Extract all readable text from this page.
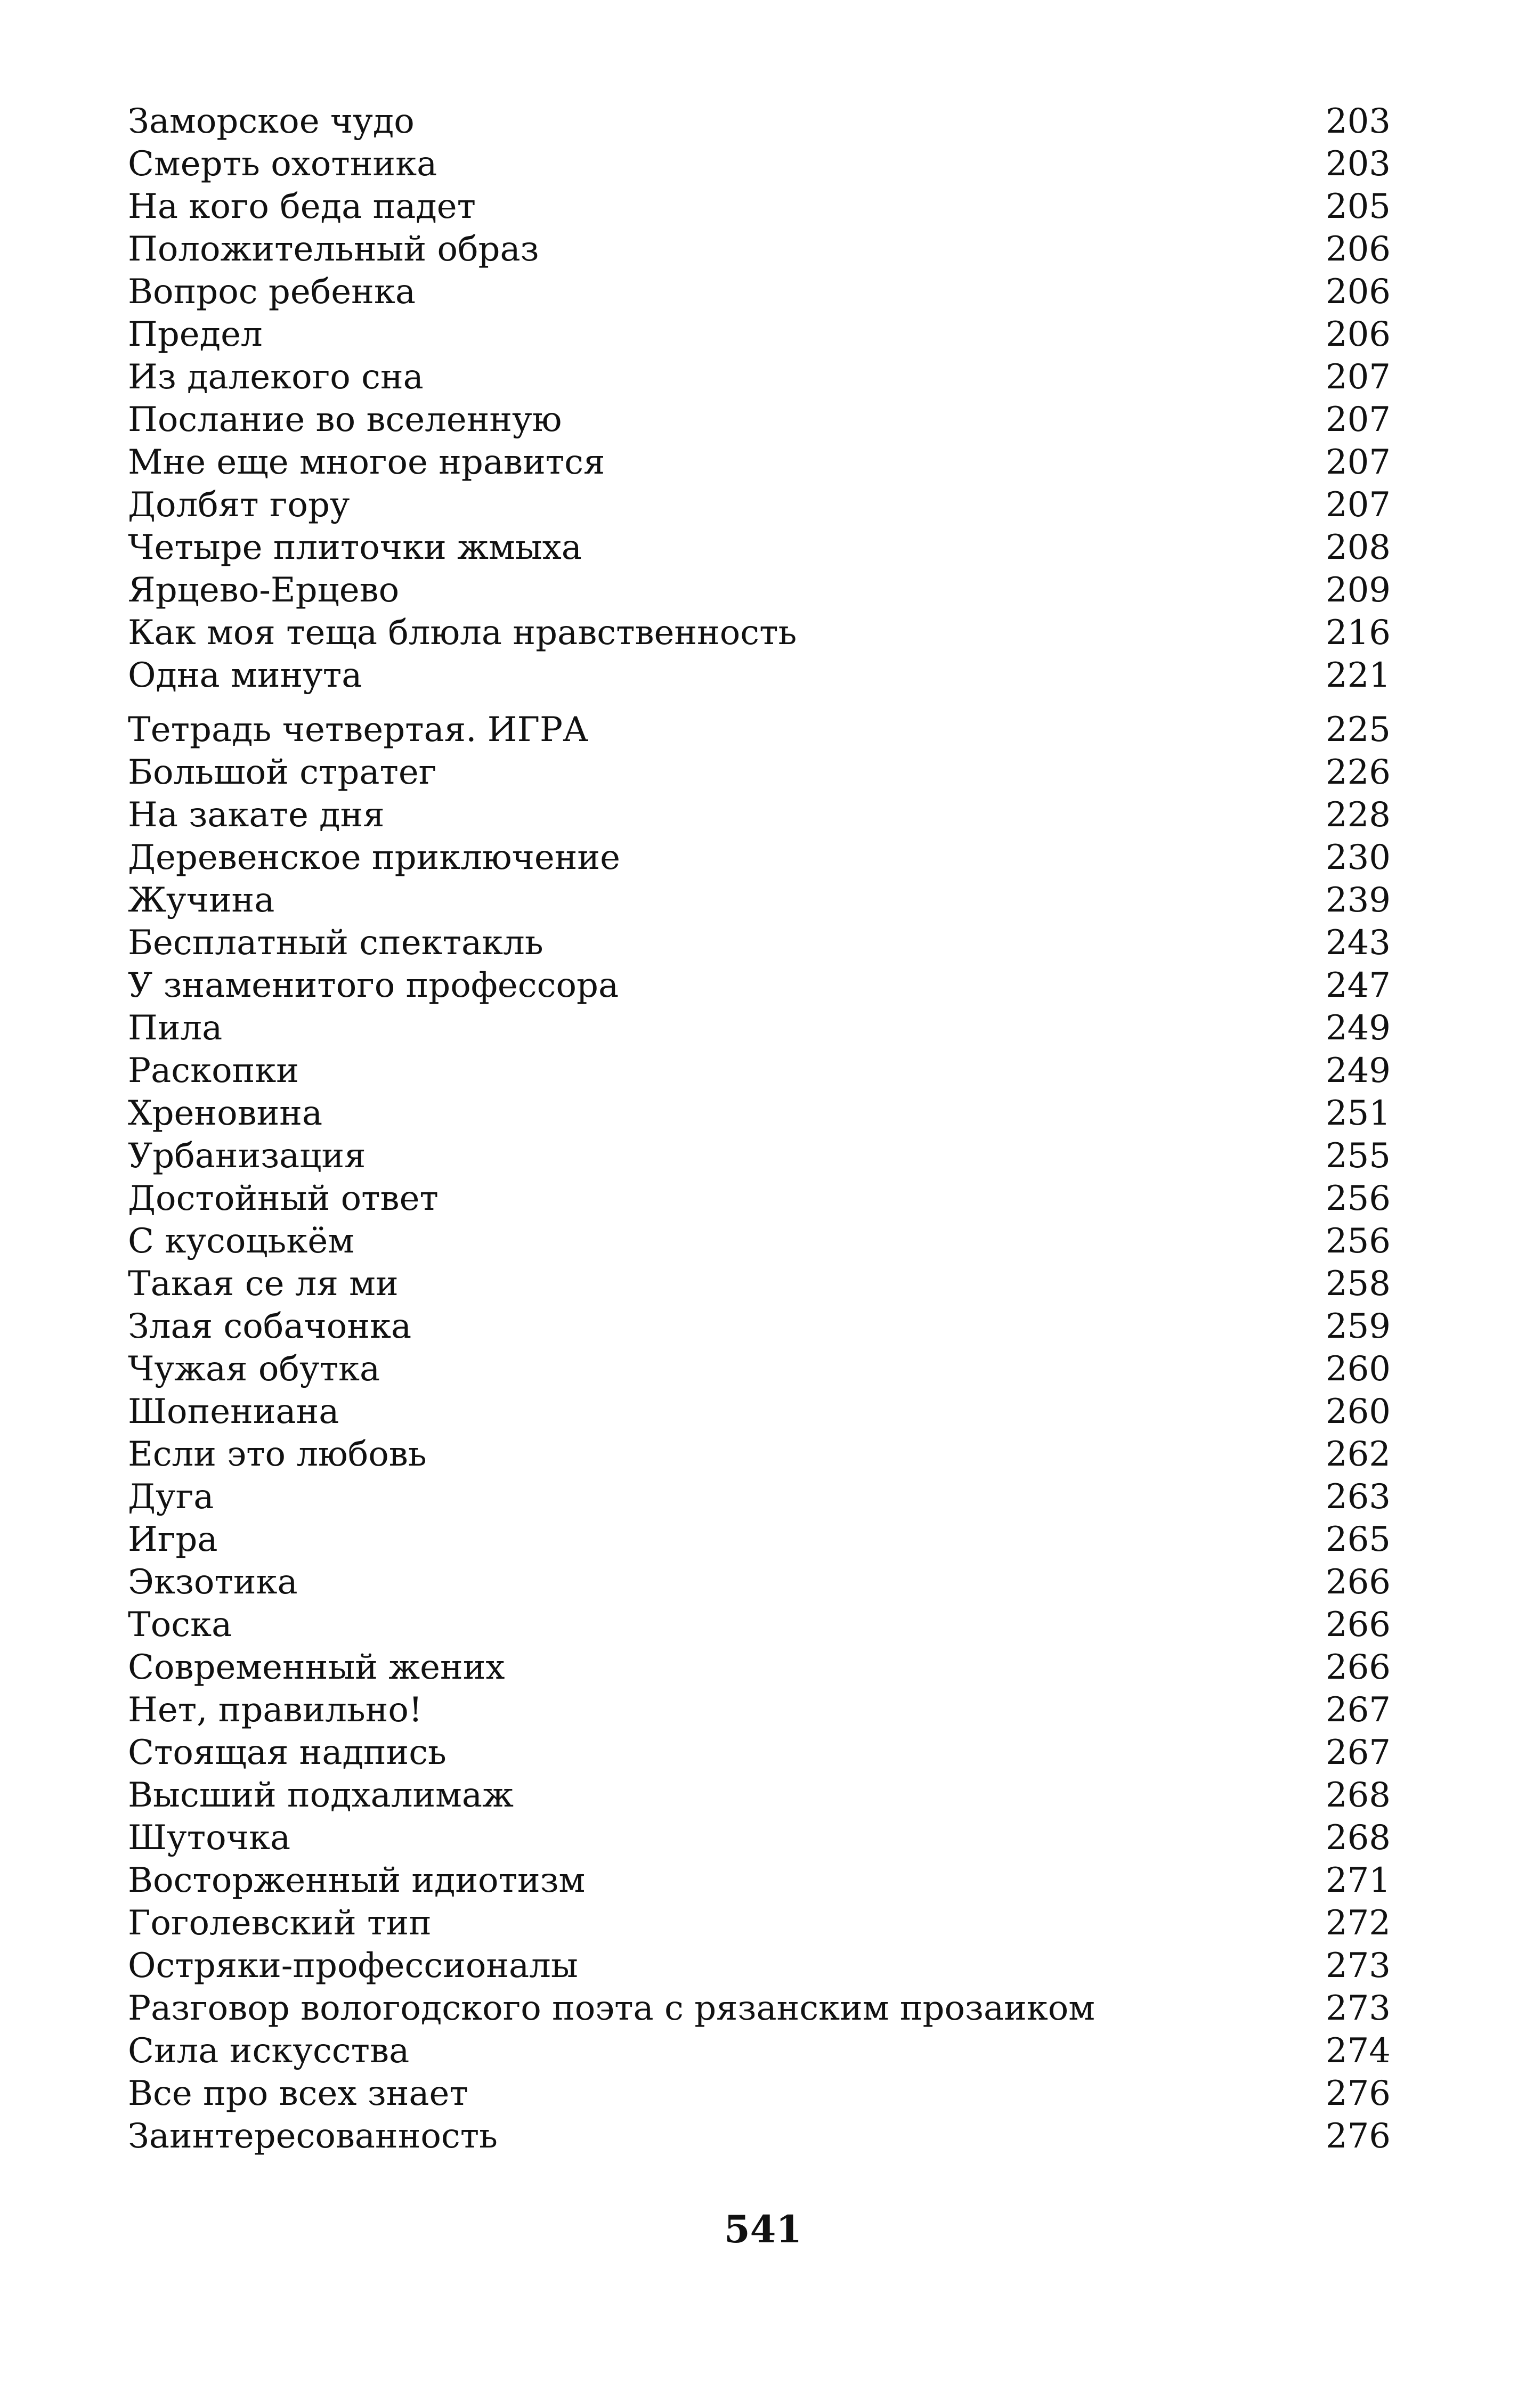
Заморское чудо	203
Смерть охотника	203
На кого беда падет	205
Положительный образ	206
Вопрос ребенка	206
Предел	206
Из далекого сна	207
Послание во вселенную	207
Мне еще многое нравится	207
Долбят гору	207
Четыре плиточки жмыха	208
Ярцево-Ерцево	209
Как моя теща блюла нравственность	216
Одна минута	221
Тетрадь четвертая. ИГРА	225
Большой стратег	226
На закате дня	228
Деревенское приключение	230
Жучина	239
Бесплатный спектакль	243
У знаменитого профессора	247
Пила	249
Раскопки	249
Хреновина	251
Урбанизация	255
Достойный ответ	256
С кусоцькём	256
Такая се ля ми	258
Злая собачонка	259
Чужая обутка	260
Шопениана	260
Если это любовь	262
Дуга	263
Игра	265
Экзотика	266
Тоска	266
Современный жених	266
Нет, правильно!	267
Стоящая надпись	267
Высший подхалимаж	268
Шуточка	268
Восторженный идиотизм	271
Гоголевский тип	272
Остряки-профессионалы	273
Разговор вологодского поэта с рязанским прозаиком	273
Сила искусства	274
Все про всех знает	276
Заинтересованность	276
541
